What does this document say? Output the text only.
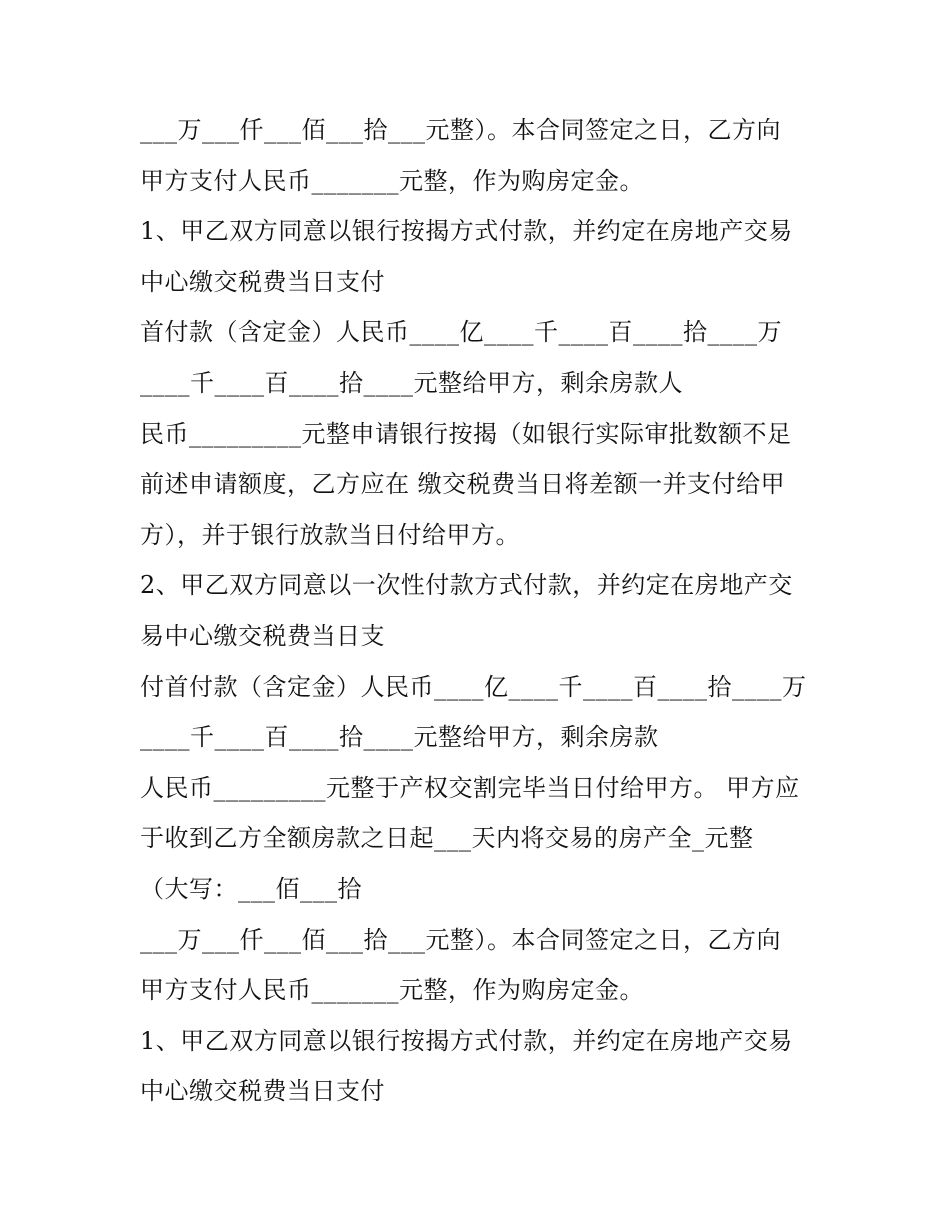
___万___仟___佰___拾___元整）。本合同签定之日，乙方向
甲方支付人民币_______元整，作为购房定金。
1、甲乙双方同意以银行按揭方式付款，并约定在房地产交易
中心缴交税费当日支付
首付款（含定金）人民币____亿____千____百____拾____万
____千____百____拾____元整给甲方，剩余房款人
民币_________元整申请银行按揭（如银行实际审批数额不足
前述申请额度，乙方应在 缴交税费当日将差额一并支付给甲
方），并于银行放款当日付给甲方。
2、甲乙双方同意以一次性付款方式付款，并约定在房地产交
易中心缴交税费当日支
付首付款（含定金）人民币____亿____千____百____拾____万
____千____百____拾____元整给甲方，剩余房款
人民币_________元整于产权交割完毕当日付给甲方。 甲方应
于收到乙方全额房款之日起___天内将交易的房产全_元整
（大写：___佰___拾
___万___仟___佰___拾___元整）。本合同签定之日，乙方向
甲方支付人民币_______元整，作为购房定金。
1、甲乙双方同意以银行按揭方式付款，并约定在房地产交易
中心缴交税费当日支付
